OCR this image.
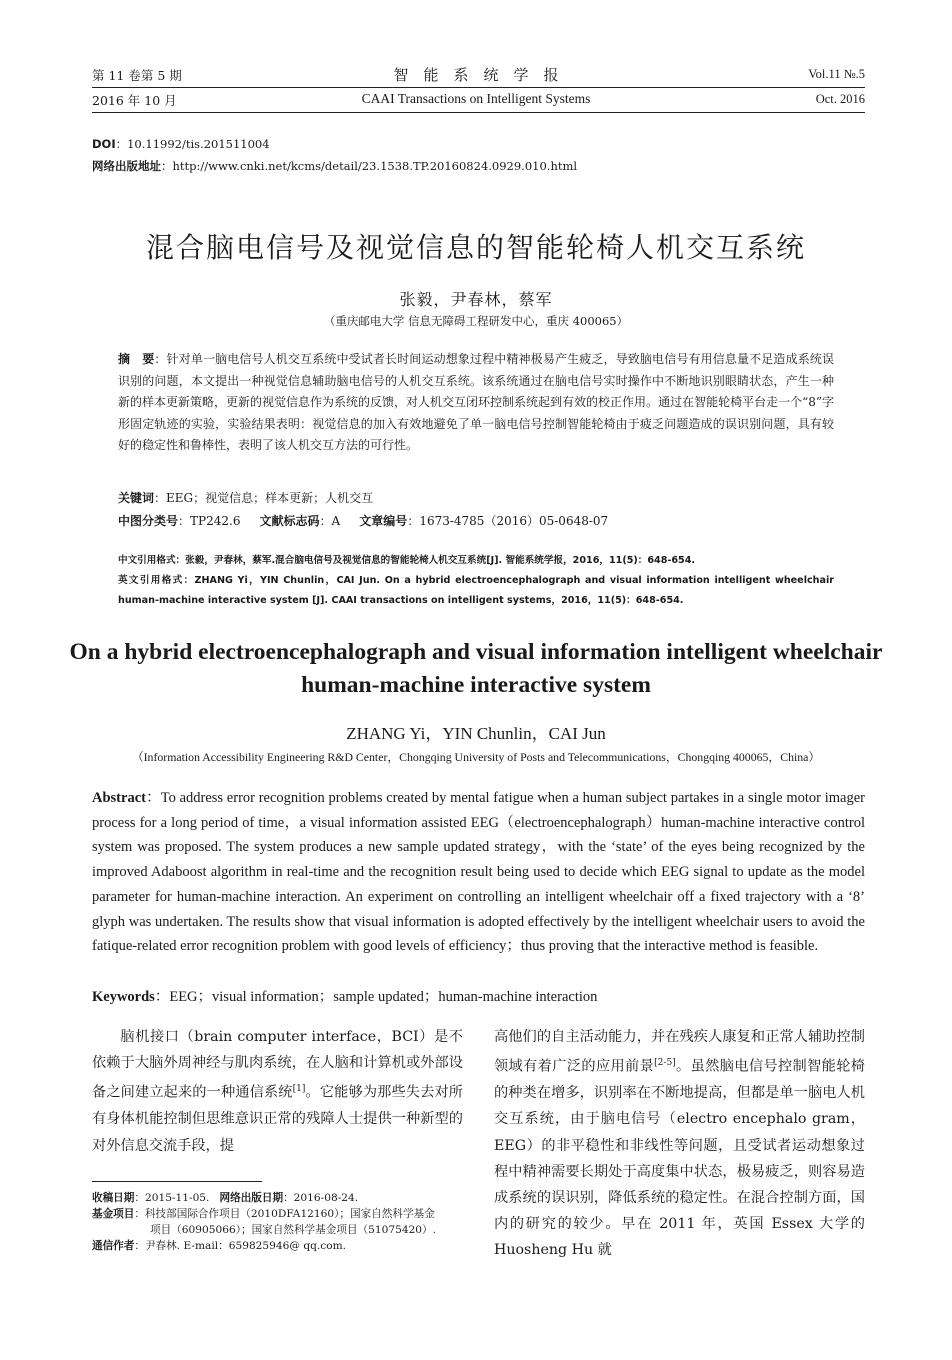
第 11 卷第 5 期
2016 年 10 月
智　能　系　统　学　报
CAAI Transactions on Intelligent Systems
Vol.11 №.5
Oct. 2016
DOI：10.11992/tis.201511004
网络出版地址：http://www.cnki.net/kcms/detail/23.1538.TP.20160824.0929.010.html
混合脑电信号及视觉信息的智能轮椅人机交互系统
张毅，尹春林，蔡军
（重庆邮电大学 信息无障碍工程研发中心，重庆 400065）
摘　要：针对单一脑电信号人机交互系统中受试者长时间运动想象过程中精神极易产生疲乏，导致脑电信号有用信息量不足造成系统误识别的问题，本文提出一种视觉信息辅助脑电信号的人机交互系统。该系统通过在脑电信号实时操作中不断地识别眼睛状态，产生一种新的样本更新策略，更新的视觉信息作为系统的反馈，对人机交互闭环控制系统起到有效的校正作用。通过在智能轮椅平台走一个“8”字形固定轨迹的实验，实验结果表明：视觉信息的加入有效地避免了单一脑电信号控制智能轮椅由于疲乏问题造成的误识别问题，具有较好的稳定性和鲁棒性，表明了该人机交互方法的可行性。
关键词：EEG；视觉信息；样本更新；人机交互
中图分类号：TP242.6 文献标志码：A 文章编号：1673-4785（2016）05-0648-07
中文引用格式：张毅，尹春林，蔡军.混合脑电信号及视觉信息的智能轮椅人机交互系统[J]. 智能系统学报，2016，11(5)：648-654.
英文引用格式：ZHANG Yi，YIN Chunlin，CAI Jun. On a hybrid electroencephalograph and visual information intelligent wheelchair human-machine interactive system [J]. CAAI transactions on intelligent systems，2016，11(5)：648-654.
On a hybrid electroencephalograph and visual information intelligent wheelchair human-machine interactive system
ZHANG Yi，YIN Chunlin，CAI Jun
（Information Accessibility Engineering R&D Center，Chongqing University of Posts and Telecommunications，Chongqing 400065，China）
Abstract：To address error recognition problems created by mental fatigue when a human subject partakes in a single motor imager process for a long period of time，a visual information assisted EEG（electroencephalograph）human-machine interactive control system was proposed. The system produces a new sample updated strategy，with the ‘state’ of the eyes being recognized by the improved Adaboost algorithm in real-time and the recognition result being used to decide which EEG signal to update as the model parameter for human-machine interaction. An experiment on controlling an intelligent wheelchair off a fixed trajectory with a ‘8’ glyph was undertaken. The results show that visual information is adopted effectively by the intelligent wheelchair users to avoid the fatique-related error recognition problem with good levels of efficiency；thus proving that the interactive method is feasible.
Keywords：EEG；visual information；sample updated；human-machine interaction
脑机接口（brain computer interface，BCI）是不依赖于大脑外周神经与肌肉系统，在人脑和计算机或外部设备之间建立起来的一种通信系统[1]。它能够为那些失去对所有身体机能控制但思维意识正常的残障人士提供一种新型的对外信息交流手段，提
高他们的自主活动能力，并在残疾人康复和正常人辅助控制领域有着广泛的应用前景[2-5]。虽然脑电信号控制智能轮椅的种类在增多，识别率在不断地提高，但都是单一脑电人机交互系统，由于脑电信号（electro encephalo gram，EEG）的非平稳性和非线性等问题，且受试者运动想象过程中精神需要长期处于高度集中状态，极易疲乏，则容易造成系统的误识别，降低系统的稳定性。在混合控制方面，国内的研究的较少。早在 2011 年，英国 Essex 大学的 Huosheng Hu 就
收稿日期：2015-11-05. 网络出版日期：2016-08-24.
基金项目：科技部国际合作项目（2010DFA12160）；国家自然科学基金
项目（60905066）；国家自然科学基金项目（51075420）.
通信作者：尹春林. E-mail：659825946@ qq.com.
